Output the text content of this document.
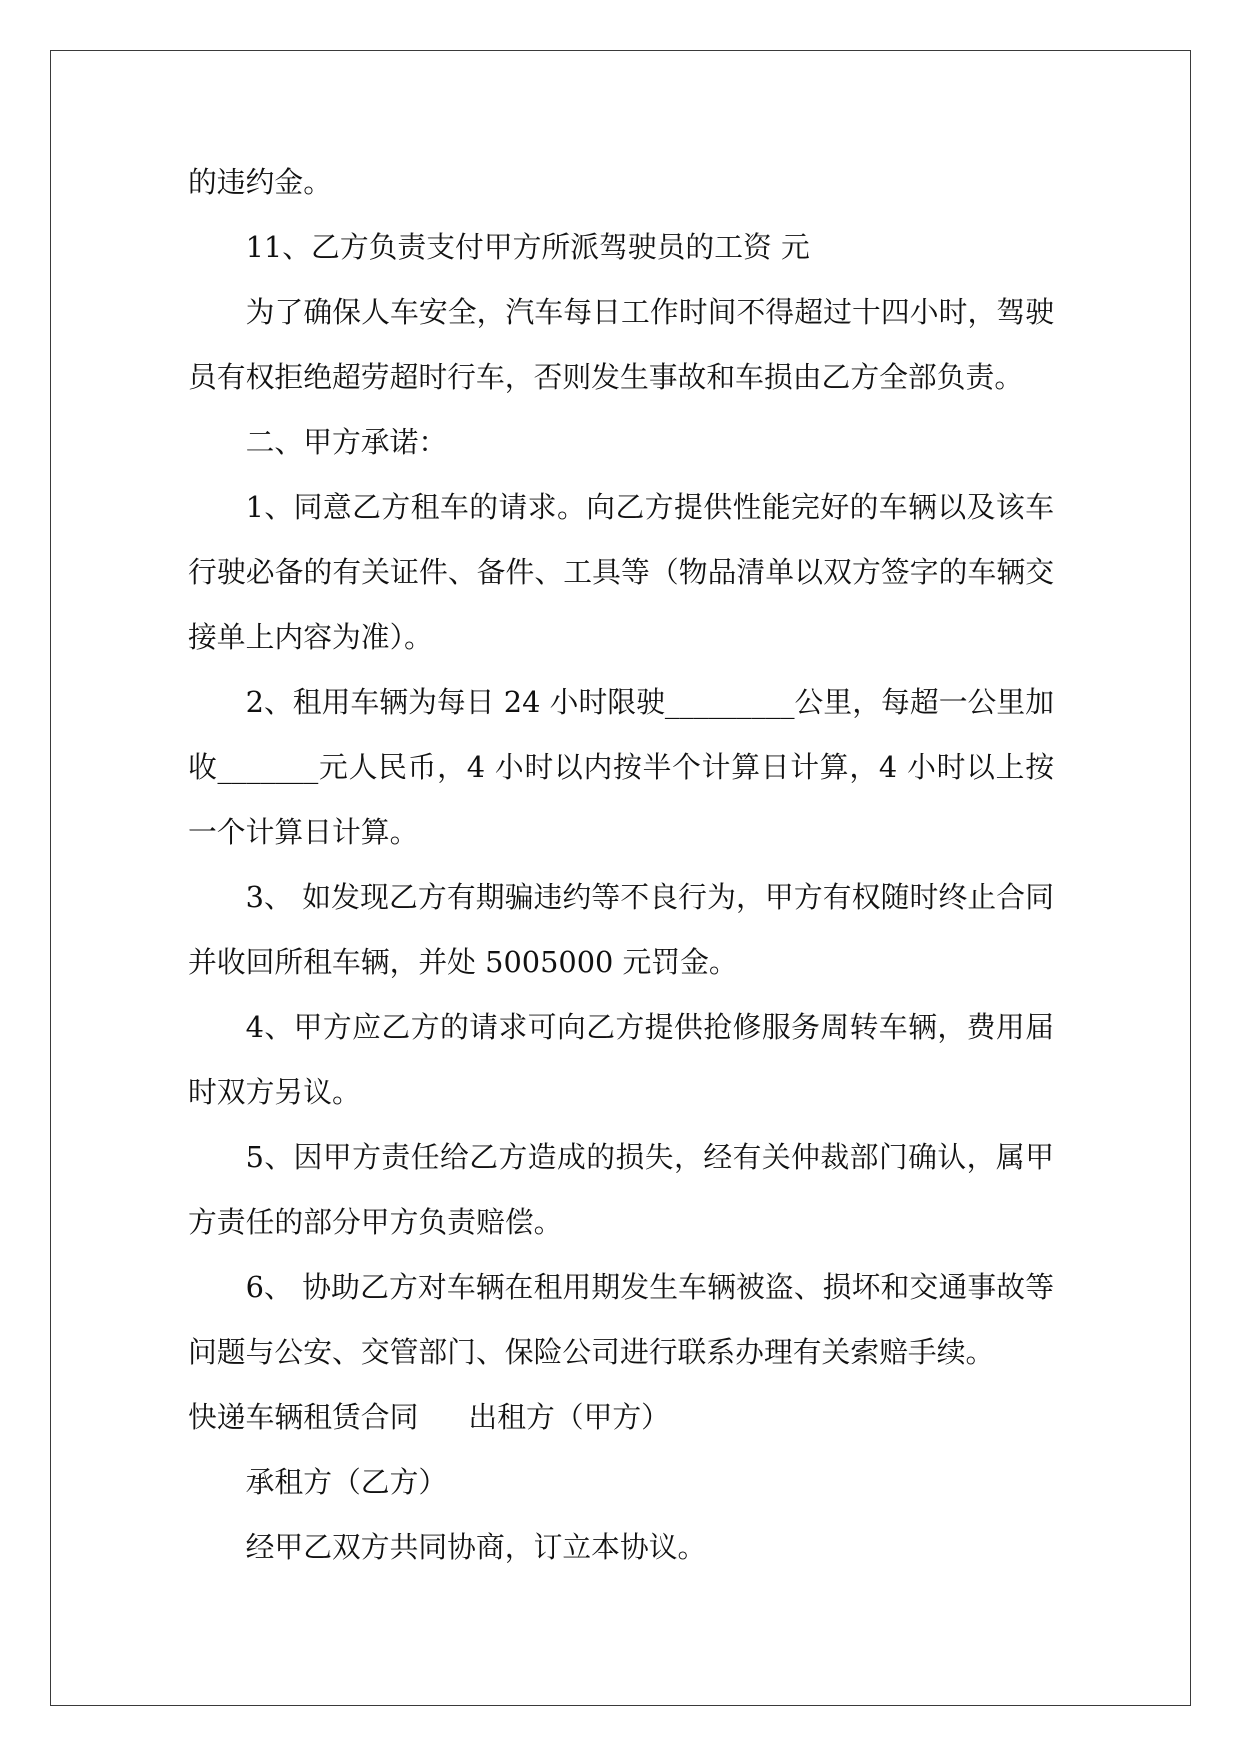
的违约金。
11、乙方负责支付甲方所派驾驶员的工资 元
为了确保人车安全，汽车每日工作时间不得超过十四小时，驾驶
员有权拒绝超劳超时行车，否则发生事故和车损由乙方全部负责。
二、甲方承诺：
1、同意乙方租车的请求。向乙方提供性能完好的车辆以及该车
行驶必备的有关证件、备件、工具等（物品清单以双方签字的车辆交
接单上内容为准）。
2、租用车辆为每日 24 小时限驶_________公里，每超一公里加
收_______元人民币，4 小时以内按半个计算日计算，4 小时以上按
一个计算日计算。
3、 如发现乙方有期骗违约等不良行为，甲方有权随时终止合同
并收回所租车辆，并处 5005000 元罚金。
4、甲方应乙方的请求可向乙方提供抢修服务周转车辆，费用届
时双方另议。
5、因甲方责任给乙方造成的损失，经有关仲裁部门确认，属甲
方责任的部分甲方负责赔偿。
6、 协助乙方对车辆在租用期发生车辆被盗、损坏和交通事故等
问题与公安、交管部门、保险公司进行联系办理有关索赔手续。
快递车辆租赁合同 出租方（甲方）
承租方（乙方）
经甲乙双方共同协商，订立本协议。
